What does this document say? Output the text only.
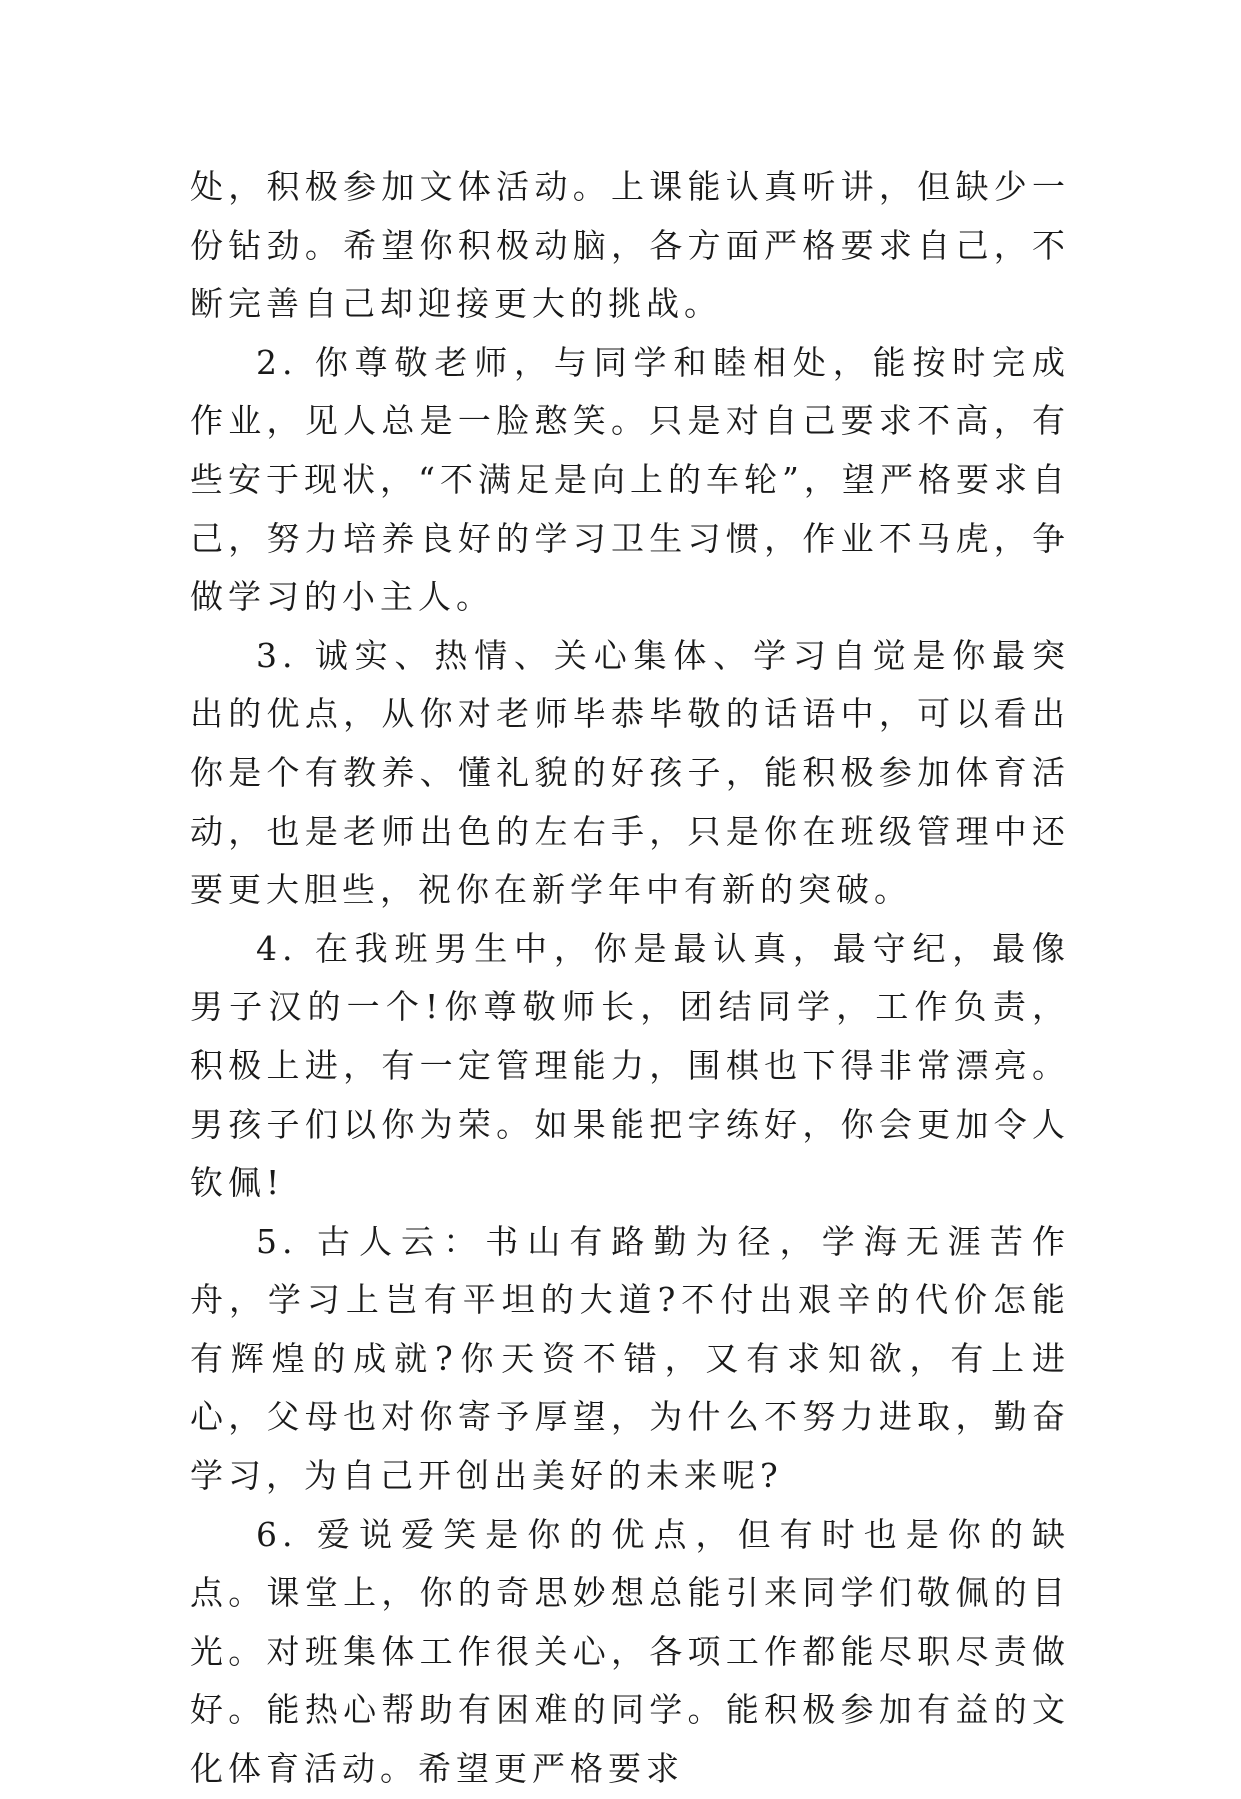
处，积极参加文体活动。上课能认真听讲，但缺少一份钻劲。希望你积极动脑，各方面严格要求自己，不断完善自己却迎接更大的挑战。

2. 你尊敬老师，与同学和睦相处，能按时完成作业，见人总是一脸憨笑。只是对自己要求不高，有些安于现状，“不满足是向上的车轮”，望严格要求自己，努力培养良好的学习卫生习惯，作业不马虎，争做学习的小主人。

3. 诚实、热情、关心集体、学习自觉是你最突出的优点，从你对老师毕恭毕敬的话语中，可以看出你是个有教养、懂礼貌的好孩子，能积极参加体育活动，也是老师出色的左右手，只是你在班级管理中还要更大胆些，祝你在新学年中有新的突破。

4. 在我班男生中，你是最认真，最守纪，最像男子汉的一个!你尊敬师长，团结同学，工作负责，积极上进，有一定管理能力，围棋也下得非常漂亮。男孩子们以你为荣。如果能把字练好，你会更加令人钦佩!

5. 古人云：书山有路勤为径，学海无涯苦作舟，学习上岂有平坦的大道?不付出艰辛的代价怎能有辉煌的成就?你天资不错，又有求知欲，有上进心，父母也对你寄予厚望，为什么不努力进取，勤奋学习，为自己开创出美好的未来呢?

6. 爱说爱笑是你的优点，但有时也是你的缺点。课堂上，你的奇思妙想总能引来同学们敬佩的目光。对班集体工作很关心，各项工作都能尽职尽责做好。能热心帮助有困难的同学。能积极参加有益的文化体育活动。希望更严格要求
